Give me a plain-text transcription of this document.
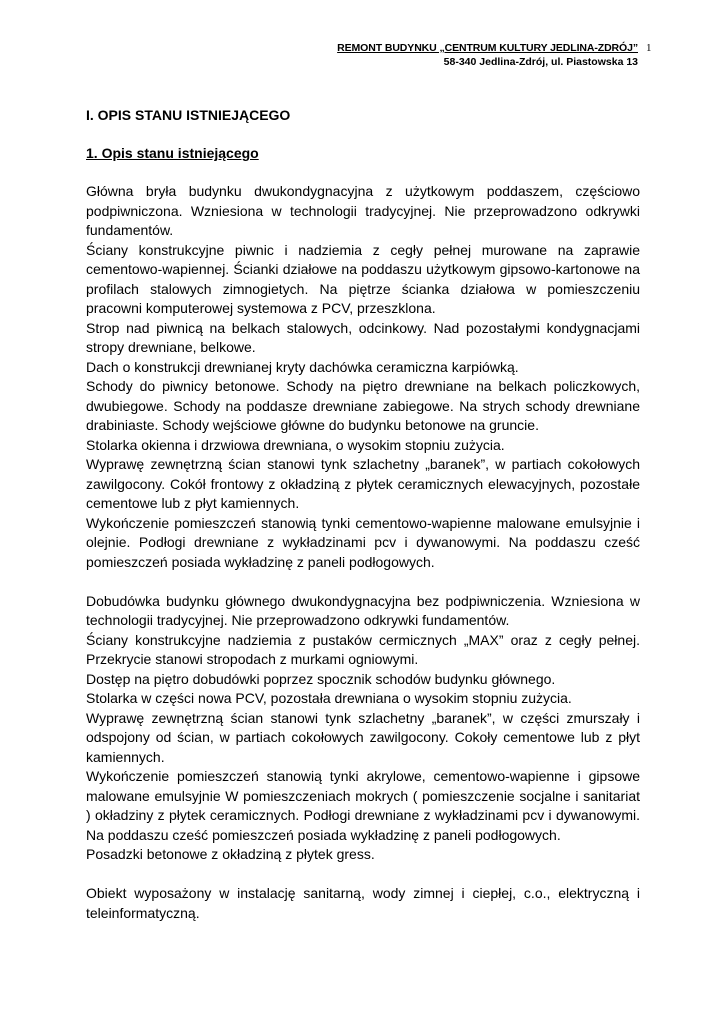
REMONT BUDYNKU „CENTRUM KULTURY JEDLINA-ZDRÓJ”
58-340 Jedlina-Zdrój, ul. Piastowska 13
1
I. OPIS STANU ISTNIEJĄCEGO
1. Opis stanu istniejącego

Główna bryła budynku dwukondygnacyjna z użytkowym poddaszem, częściowo podpiwniczona. Wzniesiona w technologii tradycyjnej. Nie przeprowadzono odkrywki fundamentów.

Ściany konstrukcyjne piwnic i nadziemia z cegły pełnej murowane na zaprawie cementowo-wapiennej. Ścianki działowe na poddaszu użytkowym gipsowo-kartonowe na profilach stalowych zimnogietych. Na piętrze ścianka działowa w pomieszczeniu pracowni komputerowej systemowa z PCV, przeszklona.

Strop nad piwnicą na belkach stalowych, odcinkowy. Nad pozostałymi kondygnacjami stropy drewniane, belkowe.

Dach o konstrukcji drewnianej kryty dachówka ceramiczna karpiówką.

Schody do piwnicy betonowe. Schody na piętro drewniane na belkach policzkowych, dwubiegowe. Schody na poddasze drewniane zabiegowe. Na strych schody drewniane drabiniaste. Schody wejściowe główne do budynku betonowe na gruncie.

Stolarka okienna i drzwiowa drewniana, o wysokim stopniu zużycia.

Wyprawę zewnętrzną ścian stanowi tynk szlachetny „baranek”, w partiach cokołowych zawilgocony. Cokół frontowy z okładziną z płytek ceramicznych elewacyjnych, pozostałe cementowe lub z płyt kamiennych.

Wykończenie pomieszczeń stanowią tynki cementowo-wapienne malowane emulsyjnie i olejnie. Podłogi drewniane z wykładzinami pcv i dywanowymi. Na poddaszu cześć pomieszczeń posiada wykładzinę z paneli podłogowych.

Dobudówka budynku głównego dwukondygnacyjna bez podpiwniczenia. Wzniesiona w technologii tradycyjnej. Nie przeprowadzono odkrywki fundamentów.

Ściany konstrukcyjne nadziemia z pustaków cermicznych „MAX” oraz z cegły pełnej. Przekrycie stanowi stropodach z murkami ogniowymi.

Dostęp na piętro dobudówki poprzez spocznik schodów budynku głównego.

Stolarka w części nowa PCV, pozostała drewniana o wysokim stopniu zużycia.

Wyprawę zewnętrzną ścian stanowi tynk szlachetny „baranek”, w części zmurszały i odspojony od ścian, w partiach cokołowych zawilgocony. Cokoły cementowe lub z płyt kamiennych.

Wykończenie pomieszczeń stanowią tynki akrylowe, cementowo-wapienne i gipsowe malowane emulsyjnie W pomieszczeniach mokrych ( pomieszczenie socjalne i sanitariat ) okładziny z płytek ceramicznych. Podłogi drewniane z wykładzinami pcv i dywanowymi. Na poddaszu cześć pomieszczeń posiada wykładzinę z paneli podłogowych.

Posadzki betonowe z okładziną z płytek gress.

Obiekt wyposażony w instalację sanitarną, wody zimnej i ciepłej, c.o., elektryczną i teleinformatyczną.
